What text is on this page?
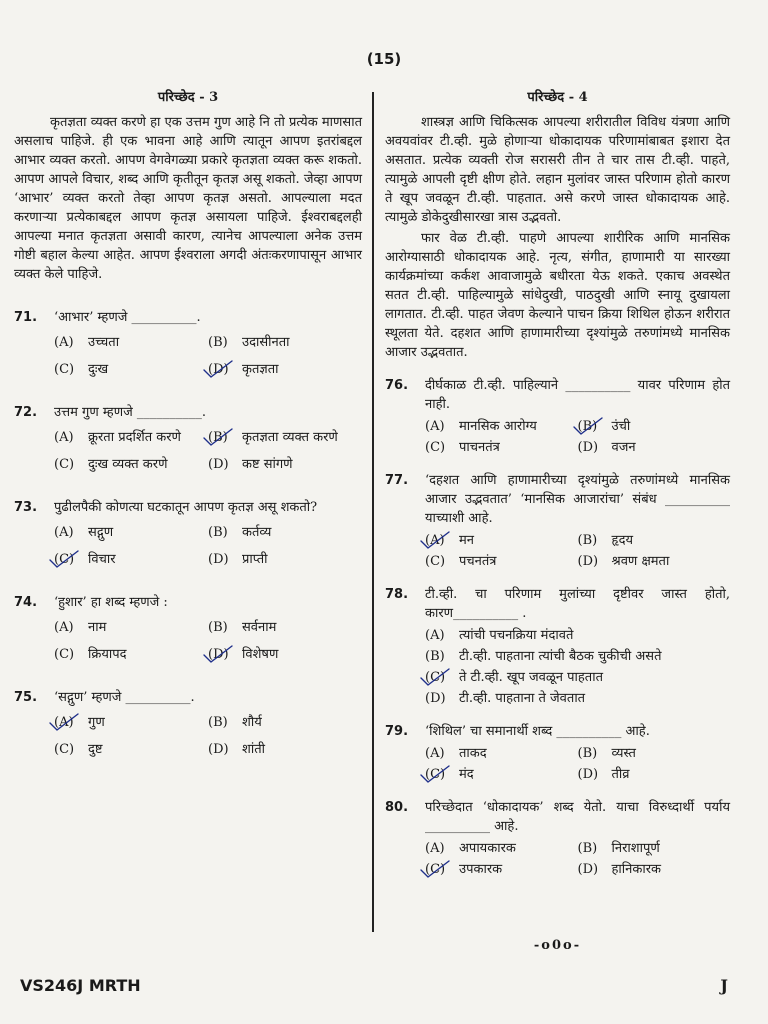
(15)
परिच्छेद - 3

कृतज्ञता व्यक्त करणे हा एक उत्तम गुण आहे नि तो प्रत्येक माणसात असलाच पाहिजे. ही एक भावना आहे आणि त्यातून आपण इतरांबद्दल आभार व्यक्त करतो. आपण वेगवेगळ्या प्रकारे कृतज्ञता व्यक्त करू शकतो. आपण आपले विचार, शब्द आणि कृतीतून कृतज्ञ असू शकतो. जेव्हा आपण ‘आभार’ व्यक्त करतो तेव्हा आपण कृतज्ञ असतो. आपल्याला मदत करणाऱ्या प्रत्येकाबद्दल आपण कृतज्ञ असायला पाहिजे. ईश्वराबद्दलही आपल्या मनात कृतज्ञता असावी कारण, त्यानेच आपल्याला अनेक उत्तम गोष्टी बहाल केल्या आहेत. आपण ईश्वराला अगदी अंतःकरणापासून आभार व्यक्त केले पाहिजे.

71. ‘आभार’ म्हणजे __________.
(A)	उच्चता	(B)	उदासीनता
(C)	दुःख	(D)	कृतज्ञता
72. उत्तम गुण म्हणजे __________.
(A)	क्रूरता प्रदर्शित करणे	(B)	कृतज्ञता व्यक्त करणे
(C)	दुःख व्यक्त करणे	(D)	कष्ट सांगणे
73. पुढीलपैकी कोणत्या घटकातून आपण कृतज्ञ असू शकतो?
(A)	सद्गुण	(B)	कर्तव्य
(C)	विचार	(D)	प्राप्ती
74. ‘हुशार’ हा शब्द म्हणजे :
(A)	नाम	(B)	सर्वनाम
(C)	क्रियापद	(D)	विशेषण
75. ‘सद्गुण’ म्हणजे __________.
(A)	गुण	(B)	शौर्य
(C)	दुष्ट	(D)	शांती
परिच्छेद - 4

शास्त्रज्ञ आणि चिकित्सक आपल्या शरीरातील विविध यंत्रणा आणि अवयवांवर टी.व्ही. मुळे होणाऱ्या धोकादायक परिणामांबाबत इशारा देत असतात. प्रत्येक व्यक्ती रोज सरासरी तीन ते चार तास टी.व्ही. पाहते, त्यामुळे आपली दृष्टी क्षीण होते. लहान मुलांवर जास्त परिणाम होतो कारण ते खूप जवळून टी.व्ही. पाहतात. असे करणे जास्त धोकादायक आहे. त्यामुळे डोकेदुखीसारखा त्रास उद्भवतो.

फार वेळ टी.व्ही. पाहणे आपल्या शारीरिक आणि मानसिक आरोग्यासाठी धोकादायक आहे. नृत्य, संगीत, हाणामारी या सारख्या कार्यक्रमांच्या कर्कश आवाजामुळे बधीरता येऊ शकते. एकाच अवस्थेत सतत टी.व्ही. पाहिल्यामुळे सांधेदुखी, पाठदुखी आणि स्नायू दुखायला लागतात. टी.व्ही. पाहत जेवण केल्याने पाचन क्रिया शिथिल होऊन शरीरात स्थूलता येते. दहशत आणि हाणामारीच्या दृश्यांमुळे तरुणांमध्ये मानसिक आजार उद्भवतात.

76. दीर्घकाळ टी.व्ही. पाहिल्याने __________ यावर परिणाम होत नाही.
(A)	मानसिक आरोग्य	(B)	उंची
(C)	पाचनतंत्र	(D)	वजन
77. ‘दहशत आणि हाणामारीच्या दृश्यांमुळे तरुणांमध्ये मानसिक आजार उद्भवतात’ ‘मानसिक आजारांचा’ संबंध __________ याच्याशी आहे.
(A)	मन	(B)	हृदय
(C)	पचनतंत्र	(D)	श्रवण क्षमता
78. टी.व्ही. चा परिणाम मुलांच्या दृष्टीवर जास्त होतो, कारण__________ .
(A)	त्यांची पचनक्रिया मंदावते
(B)	टी.व्ही. पाहताना त्यांची बैठक चुकीची असते
(C)	ते टी.व्ही. खूप जवळून पाहतात
(D)	टी.व्ही. पाहताना ते जेवतात
79. ‘शिथिल’ चा समानार्थी शब्द __________ आहे.
(A)	ताकद	(B)	व्यस्त
(C)	मंद	(D)	तीव्र
80. परिच्छेदात ‘धोकादायक’ शब्द येतो. याचा विरुध्दार्थी पर्याय __________ आहे.
(A)	अपायकारक	(B)	निराशापूर्ण
(C)	उपकारक	(D)	हानिकारक
-o0o-
VS246J MRTH	J
